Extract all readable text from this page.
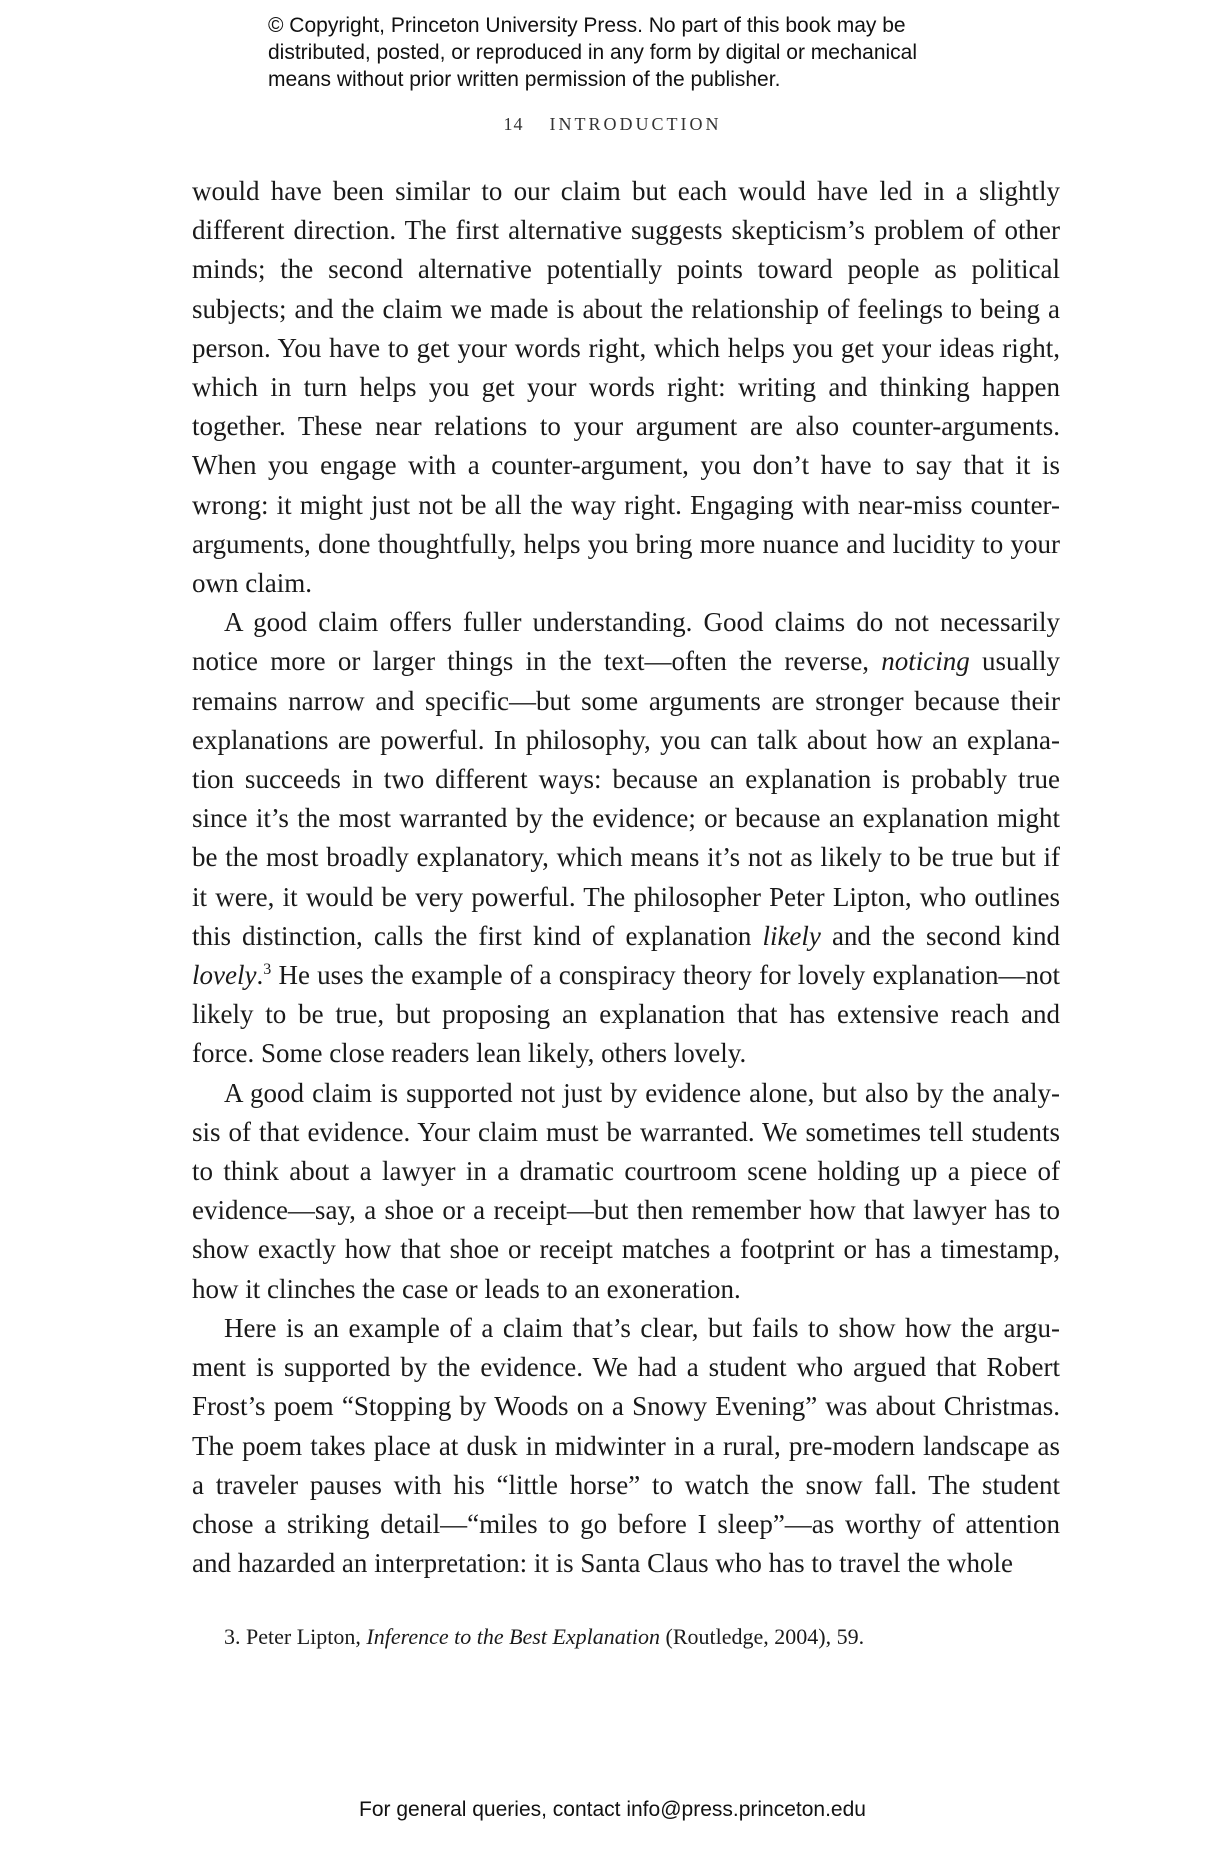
© Copyright, Princeton University Press. No part of this book may be
distributed, posted, or reproduced in any form by digital or mechanical
means without prior written permission of the publisher.
14 INTRODUCTION

would have been similar to our claim but each would have led in a slightly different direction. The first alternative suggests skepticism’s problem of other minds; the second alternative potentially points toward people as political subjects; and the claim we made is about the relationship of feelings to being a person. You have to get your words right, which helps you get your ideas right, which in turn helps you get your words right: writing and thinking happen together. These near relations to your argument are also counter-arguments. When you engage with a counter-argument, you don’t have to say that it is wrong: it might just not be all the way right. Engaging with near-miss counter-arguments, done thoughtfully, helps you bring more nuance and lucidity to your own claim.

A good claim offers fuller understanding. Good claims do not necessarily notice more or larger things in the text—often the reverse, noticing usually remains narrow and specific—but some arguments are stronger because their explanations are powerful. In philosophy, you can talk about how an explanation succeeds in two different ways: because an explanation is probably true since it’s the most warranted by the evidence; or because an explanation might be the most broadly explanatory, which means it’s not as likely to be true but if it were, it would be very powerful. The philosopher Peter Lipton, who outlines this distinction, calls the first kind of explanation likely and the second kind lovely.$^3$ He uses the example of a conspiracy theory for lovely explanation—not likely to be true, but proposing an explanation that has extensive reach and force. Some close readers lean likely, others lovely.

A good claim is supported not just by evidence alone, but also by the analysis of that evidence. Your claim must be warranted. We sometimes tell students to think about a lawyer in a dramatic courtroom scene holding up a piece of evidence—say, a shoe or a receipt—but then remember how that lawyer has to show exactly how that shoe or receipt matches a footprint or has a timestamp, how it clinches the case or leads to an exoneration.

Here is an example of a claim that’s clear, but fails to show how the argument is supported by the evidence. We had a student who argued that Robert Frost’s poem “Stopping by Woods on a Snowy Evening” was about Christmas. The poem takes place at dusk in midwinter in a rural, pre-modern landscape as a traveler pauses with his “little horse” to watch the snow fall. The student chose a striking detail—“miles to go before I sleep”—as worthy of attention and hazarded an interpretation: it is Santa Claus who has to travel the whole

3. Peter Lipton, Inference to the Best Explanation (Routledge, 2004), 59.
For general queries, contact info@press.princeton.edu
